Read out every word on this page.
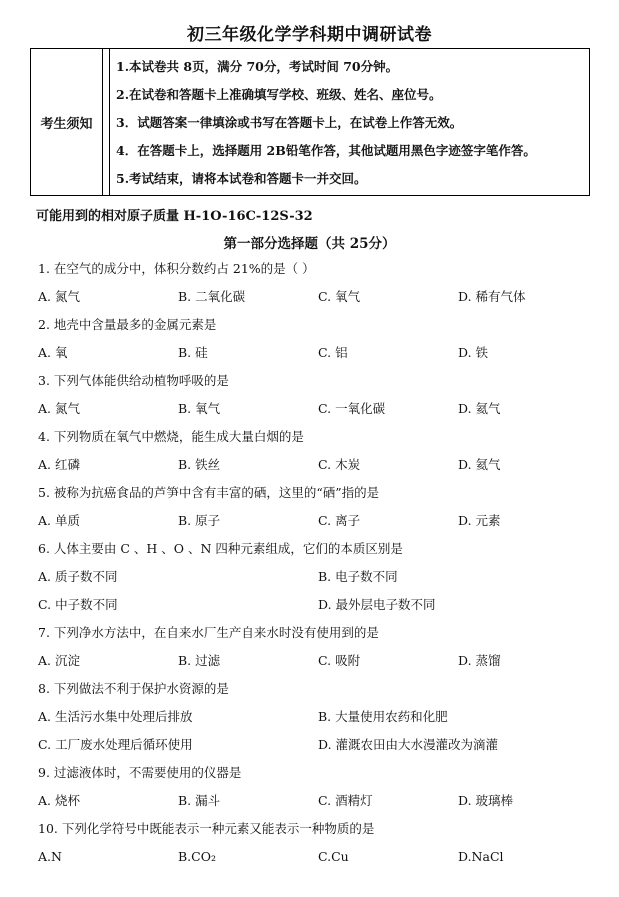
初三年级化学学科期中调研试卷
考生须知
1.本试卷共 8页，满分 70分，考试时间 70分钟。
2.在试卷和答题卡上准确填写学校、班级、姓名、座位号。
3．试题答案一律填涂或书写在答题卡上，在试卷上作答无效。
4．在答题卡上，选择题用 2B铅笔作答，其他试题用黑色字迹签字笔作答。
5.考试结束，请将本试卷和答题卡一并交回。
可能用到的相对原子质量 H-1O-16C-12S-32
第一部分选择题（共 25分）
1. 在空气的成分中，体积分数约占 21%的是（ ）
A. 氮气	B. 二氧化碳	C. 氧气	D. 稀有气体
2. 地壳中含量最多的金属元素是
A. 氧	B. 硅	C. 铝	D. 铁
3. 下列气体能供给动植物呼吸的是
A. 氮气	B. 氧气	C. 一氧化碳	D. 氦气
4. 下列物质在氧气中燃烧，能生成大量白烟的是
A. 红磷	B. 铁丝	C. 木炭	D. 氦气
5. 被称为抗癌食品的芦笋中含有丰富的硒，这里的“硒”指的是
A. 单质	B. 原子	C. 离子	D. 元素
6. 人体主要由 C 、H 、O 、N 四种元素组成，它们的本质区别是
A. 质子数不同	B. 电子数不同
C. 中子数不同	D. 最外层电子数不同
7. 下列净水方法中，在自来水厂生产自来水时没有使用到的是
A. 沉淀	B. 过滤	C. 吸附	D. 蒸馏
8. 下列做法不利于保护水资源的是
A. 生活污水集中处理后排放	B. 大量使用农药和化肥
C. 工厂废水处理后循环使用	D. 灌溉农田由大水漫灌改为滴灌
9. 过滤液体时，不需要使用的仪器是
A. 烧杯	B. 漏斗	C. 酒精灯	D. 玻璃棒
10. 下列化学符号中既能表示一种元素又能表示一种物质的是
A.N	B.CO₂	C.Cu	D.NaCl
